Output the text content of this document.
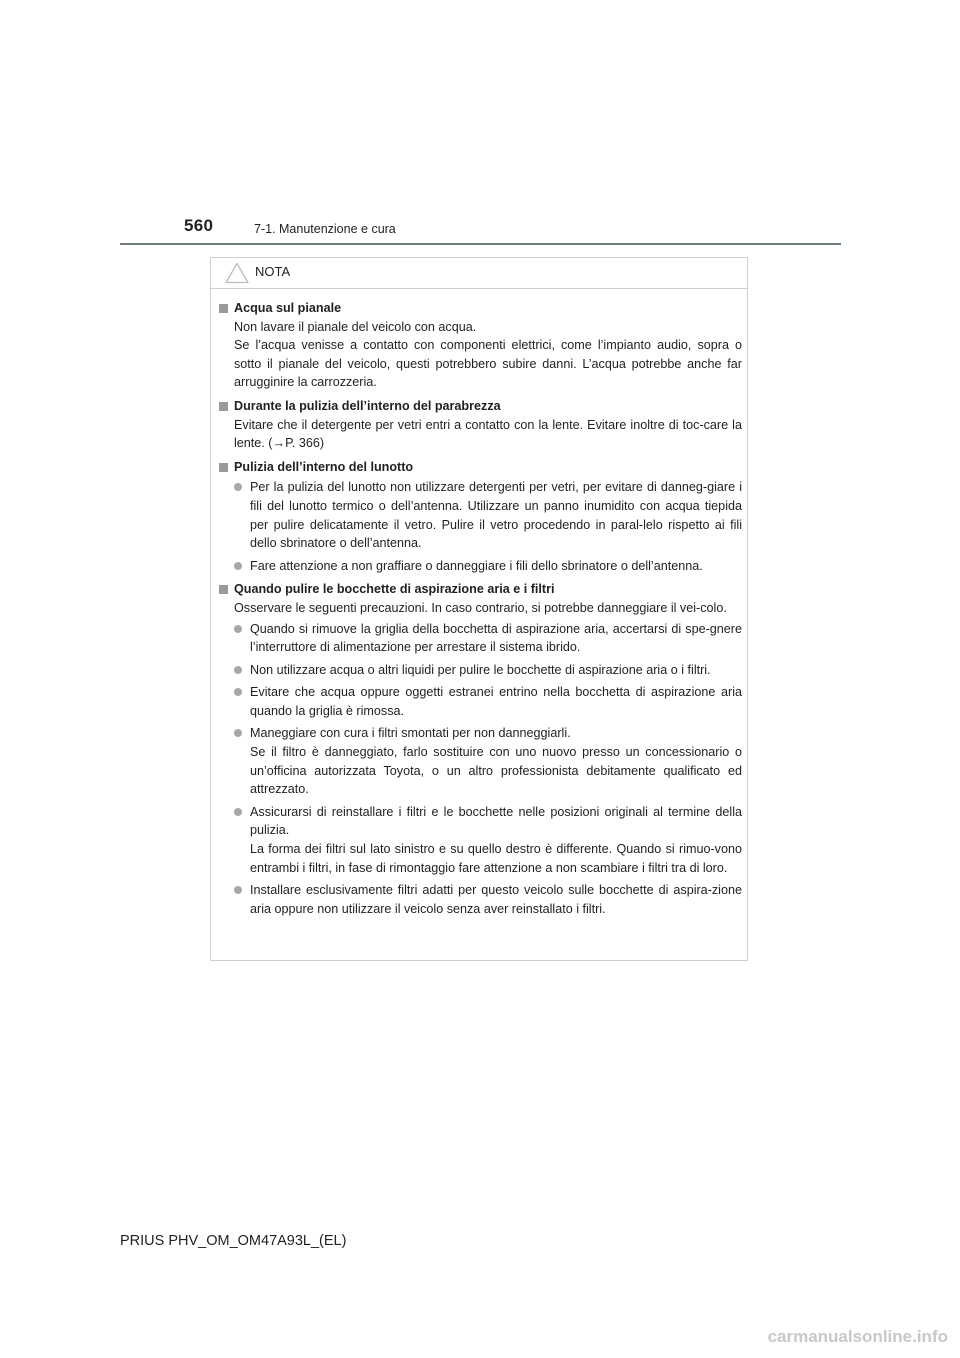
560	7-1. Manutenzione e cura
NOTA
Acqua sul pianale
Non lavare il pianale del veicolo con acqua.
Se l’acqua venisse a contatto con componenti elettrici, come l’impianto audio, sopra o sotto il pianale del veicolo, questi potrebbero subire danni. L’acqua potrebbe anche far arrugginire la carrozzeria.
Durante la pulizia dell’interno del parabrezza
Evitare che il detergente per vetri entri a contatto con la lente. Evitare inoltre di toc-care la lente. (→P. 366)
Pulizia dell’interno del lunotto
Per la pulizia del lunotto non utilizzare detergenti per vetri, per evitare di danneg-giare i fili del lunotto termico o dell’antenna. Utilizzare un panno inumidito con acqua tiepida per pulire delicatamente il vetro. Pulire il vetro procedendo in paral-lelo rispetto ai fili dello sbrinatore o dell’antenna.
Fare attenzione a non graffiare o danneggiare i fili dello sbrinatore o dell’antenna.
Quando pulire le bocchette di aspirazione aria e i filtri
Osservare le seguenti precauzioni. In caso contrario, si potrebbe danneggiare il vei-colo.
Quando si rimuove la griglia della bocchetta di aspirazione aria, accertarsi di spe-gnere l’interruttore di alimentazione per arrestare il sistema ibrido.
Non utilizzare acqua o altri liquidi per pulire le bocchette di aspirazione aria o i filtri.
Evitare che acqua oppure oggetti estranei entrino nella bocchetta di aspirazione aria quando la griglia è rimossa.
Maneggiare con cura i filtri smontati per non danneggiarli.
Se il filtro è danneggiato, farlo sostituire con uno nuovo presso un concessionario o un’officina autorizzata Toyota, o un altro professionista debitamente qualificato ed attrezzato.
Assicurarsi di reinstallare i filtri e le bocchette nelle posizioni originali al termine della pulizia.
La forma dei filtri sul lato sinistro e su quello destro è differente. Quando si rimuo-vono entrambi i filtri, in fase di rimontaggio fare attenzione a non scambiare i filtri tra di loro.
Installare esclusivamente filtri adatti per questo veicolo sulle bocchette di aspira-zione aria oppure non utilizzare il veicolo senza aver reinstallato i filtri.
PRIUS PHV_OM_OM47A93L_(EL)
carmanualsonline.info
